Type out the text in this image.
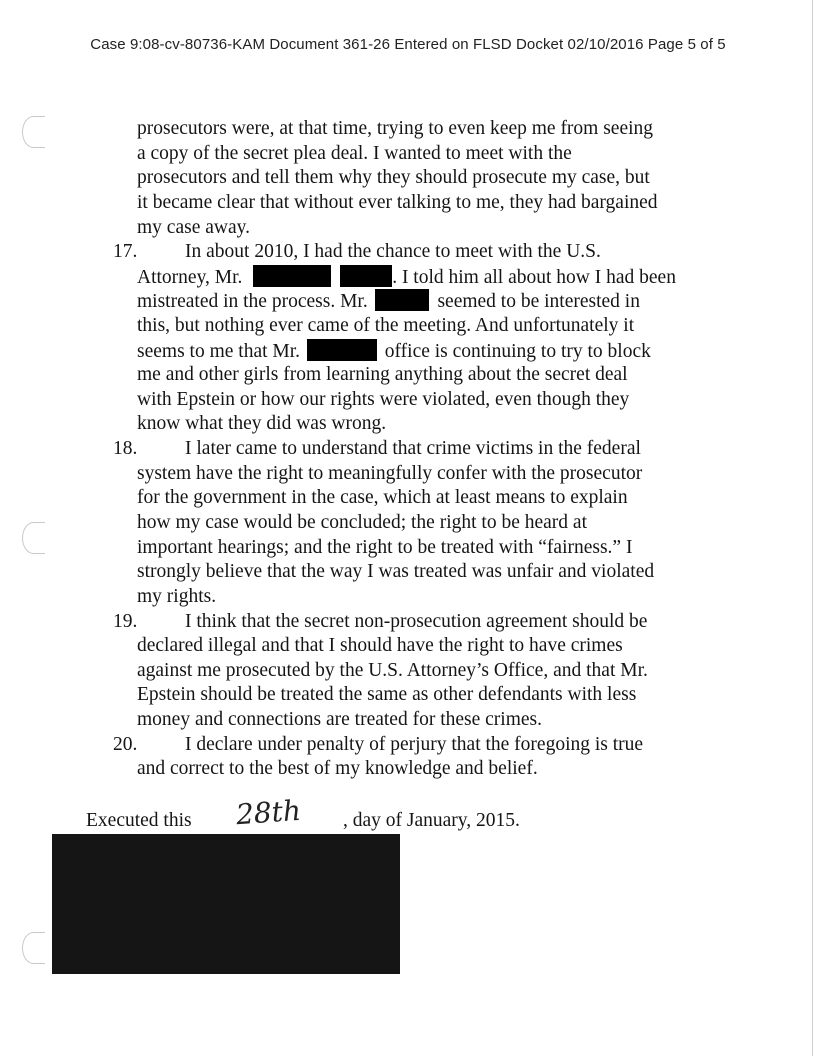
Case 9:08-cv-80736-KAM Document 361-26 Entered on FLSD Docket 02/10/2016 Page 5 of 5
prosecutors were, at that time, trying to even keep me from seeing
a copy of the secret plea deal. I wanted to meet with the
prosecutors and tell them why they should prosecute my case, but
it became clear that without ever talking to me, they had bargained
my case away.
17. In about 2010, I had the chance to meet with the U.S.
Attorney, Mr.	. I told him all about how I had been
mistreated in the process. Mr.	seemed to be interested in
this, but nothing ever came of the meeting. And unfortunately it
seems to me that Mr.	office is continuing to try to block
me and other girls from learning anything about the secret deal
with Epstein or how our rights were violated, even though they
know what they did was wrong.
18. I later came to understand that crime victims in the federal
system have the right to meaningfully confer with the prosecutor
for the government in the case, which at least means to explain
how my case would be concluded; the right to be heard at
important hearings; and the right to be treated with “fairness.” I
strongly believe that the way I was treated was unfair and violated
my rights.
19. I think that the secret non-prosecution agreement should be
declared illegal and that I should have the right to have crimes
against me prosecuted by the U.S. Attorney’s Office, and that Mr.
Epstein should be treated the same as other defendants with less
money and connections are treated for these crimes.
20. I declare under penalty of perjury that the foregoing is true
and correct to the best of my knowledge and belief.
Executed this 28th , day of January, 2015.
